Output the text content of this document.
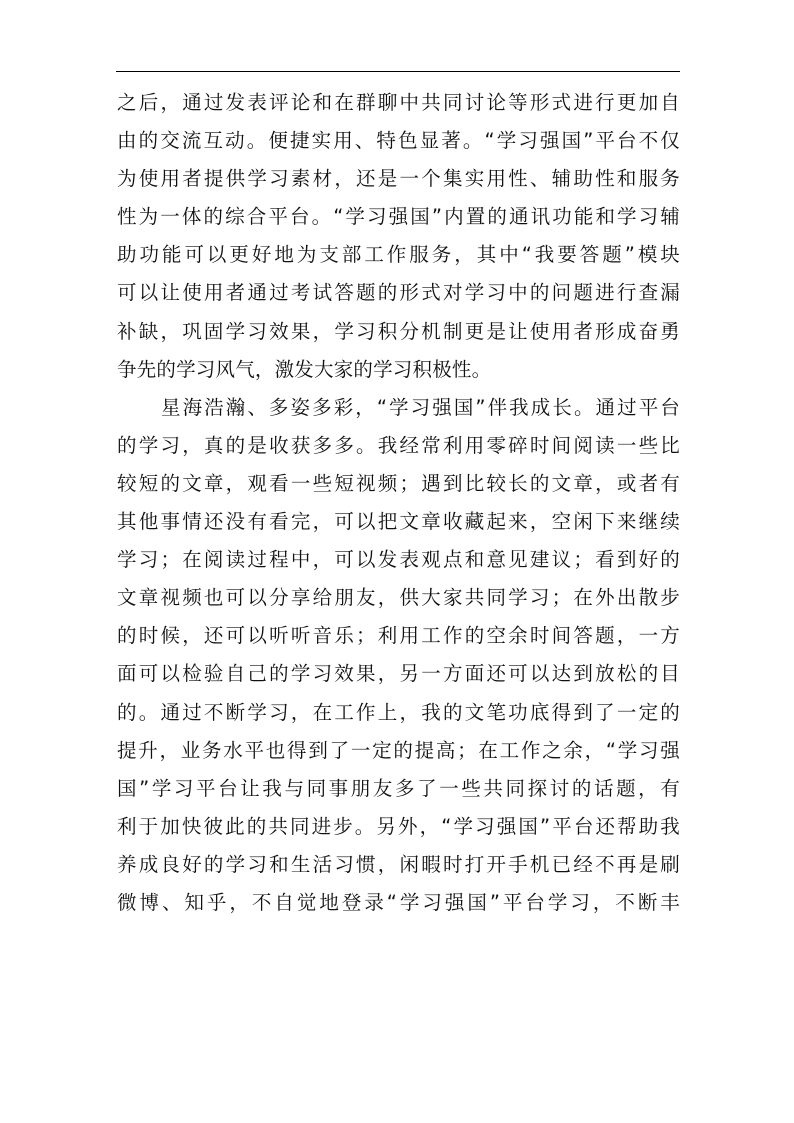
之后，通过发表评论和在群聊中共同讨论等形式进行更加自
由的交流互动。便捷实用、特色显著。“学习强国”平台不仅
为使用者提供学习素材，还是一个集实用性、辅助性和服务
性为一体的综合平台。“学习强国”内置的通讯功能和学习辅
助功能可以更好地为支部工作服务，其中“我要答题”模块
可以让使用者通过考试答题的形式对学习中的问题进行查漏
补缺，巩固学习效果，学习积分机制更是让使用者形成奋勇
争先的学习风气，激发大家的学习积极性。
星海浩瀚、多姿多彩，“学习强国”伴我成长。通过平台
的学习，真的是收获多多。我经常利用零碎时间阅读一些比
较短的文章，观看一些短视频；遇到比较长的文章，或者有
其他事情还没有看完，可以把文章收藏起来，空闲下来继续
学习；在阅读过程中，可以发表观点和意见建议；看到好的
文章视频也可以分享给朋友，供大家共同学习；在外出散步
的时候，还可以听听音乐；利用工作的空余时间答题，一方
面可以检验自己的学习效果，另一方面还可以达到放松的目
的。通过不断学习，在工作上，我的文笔功底得到了一定的
提升，业务水平也得到了一定的提高；在工作之余，“学习强
国”学习平台让我与同事朋友多了一些共同探讨的话题，有
利于加快彼此的共同进步。另外，“学习强国”平台还帮助我
养成良好的学习和生活习惯，闲暇时打开手机已经不再是刷
微博、知乎，不自觉地登录“学习强国”平台学习，不断丰
